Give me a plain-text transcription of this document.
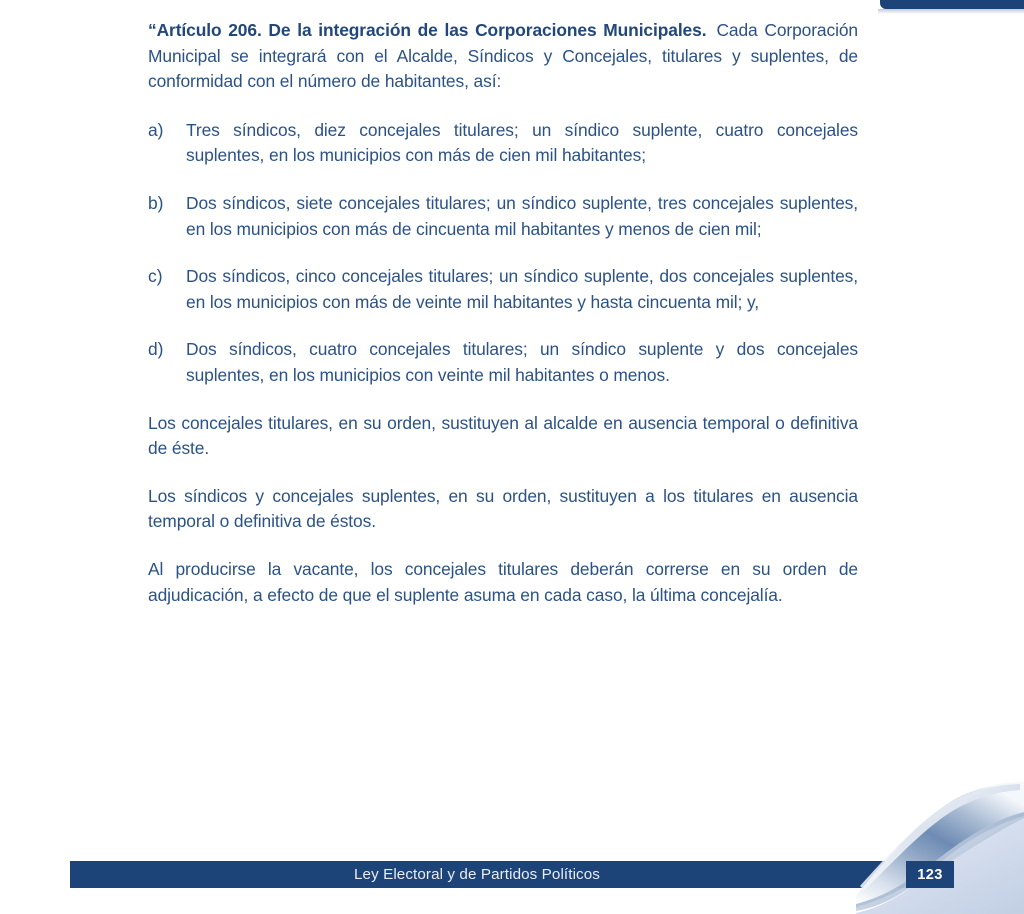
“Artículo 206. De la integración de las Corporaciones Municipales. Cada Corporación Municipal se integrará con el Alcalde, Síndicos y Concejales, titulares y suplentes, de conformidad con el número de habitantes, así:

a)	Tres síndicos, diez concejales titulares; un síndico suplente, cuatro concejales suplentes, en los municipios con más de cien mil habitantes;
b)	Dos síndicos, siete concejales titulares; un síndico suplente, tres concejales suplentes, en los municipios con más de cincuenta mil habitantes y menos de cien mil;
c)	Dos síndicos, cinco concejales titulares; un síndico suplente, dos concejales suplentes, en los municipios con más de veinte mil habitantes y hasta cincuenta mil; y,
d)	Dos síndicos, cuatro concejales titulares; un síndico suplente y dos concejales suplentes, en los municipios con veinte mil habitantes o menos.

Los concejales titulares, en su orden, sustituyen al alcalde en ausencia temporal o definitiva de éste.

Los síndicos y concejales suplentes, en su orden, sustituyen a los titulares en ausencia temporal o definitiva de éstos.

Al producirse la vacante, los concejales titulares deberán correrse en su orden de adjudicación, a efecto de que el suplente asuma en cada caso, la última concejalía.

Ley Electoral y de Partidos Políticos	123
